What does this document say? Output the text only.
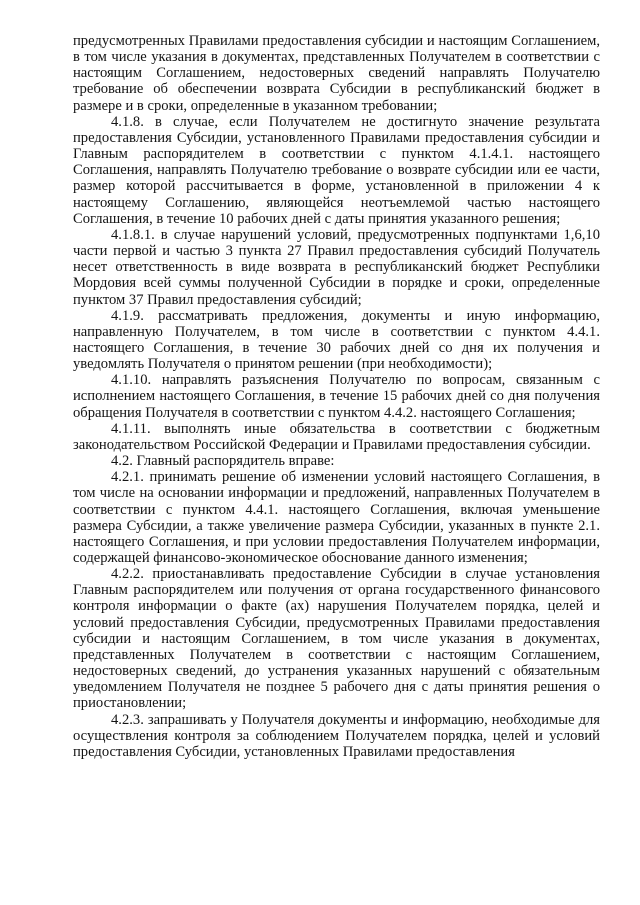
предусмотренных Правилами предоставления субсидии и настоящим Соглашением, в том числе указания в документах, представленных Получателем в соответствии с настоящим Соглашением, недостоверных сведений направлять Получателю требование об обеспечении возврата Субсидии в республиканский бюджет в размере и в сроки, определенные в указанном требовании;

4.1.8. в случае, если Получателем не достигнуто значение результата предоставления Субсидии, установленного Правилами предоставления субсидии и Главным распорядителем в соответствии с пунктом 4.1.4.1. настоящего Соглашения, направлять Получателю требование о возврате субсидии или ее части, размер которой рассчитывается в форме, установленной в приложении 4 к настоящему Соглашению, являющейся неотъемлемой частью настоящего Соглашения, в течение 10 рабочих дней с даты принятия указанного решения;

4.1.8.1. в случае нарушений условий, предусмотренных подпунктами 1,6,10 части первой и частью 3 пункта 27 Правил предоставления субсидий Получатель несет ответственность в виде возврата в республиканский бюджет Республики Мордовия всей суммы полученной Субсидии в порядке и сроки, определенные пунктом 37 Правил предоставления субсидий;

4.1.9. рассматривать предложения, документы и иную информацию, направленную Получателем, в том числе в соответствии с пунктом 4.4.1. настоящего Соглашения, в течение 30 рабочих дней со дня их получения и уведомлять Получателя о принятом решении (при необходимости);

4.1.10. направлять разъяснения Получателю по вопросам, связанным с исполнением настоящего Соглашения, в течение 15 рабочих дней со дня получения обращения Получателя в соответствии с пунктом 4.4.2. настоящего Соглашения;

4.1.11. выполнять иные обязательства в соответствии с бюджетным законодательством Российской Федерации и Правилами предоставления субсидии.

4.2. Главный распорядитель вправе:

4.2.1. принимать решение об изменении условий настоящего Соглашения, в том числе на основании информации и предложений, направленных Получателем в соответствии с пунктом 4.4.1. настоящего Соглашения, включая уменьшение размера Субсидии, а также увеличение размера Субсидии, указанных в пункте 2.1. настоящего Соглашения, и при условии предоставления Получателем информации, содержащей финансово-экономическое обоснование данного изменения;

4.2.2. приостанавливать предоставление Субсидии в случае установления Главным распорядителем или получения от органа государственного финансового контроля информации о факте (ах) нарушения Получателем порядка, целей и условий предоставления Субсидии, предусмотренных Правилами предоставления субсидии и настоящим Соглашением, в том числе указания в документах, представленных Получателем в соответствии с настоящим Соглашением, недостоверных сведений, до устранения указанных нарушений с обязательным уведомлением Получателя не позднее 5 рабочего дня с даты принятия решения о приостановлении;

4.2.3. запрашивать у Получателя документы и информацию, необходимые для осуществления контроля за соблюдением Получателем порядка, целей и условий предоставления Субсидии, установленных Правилами предоставления
